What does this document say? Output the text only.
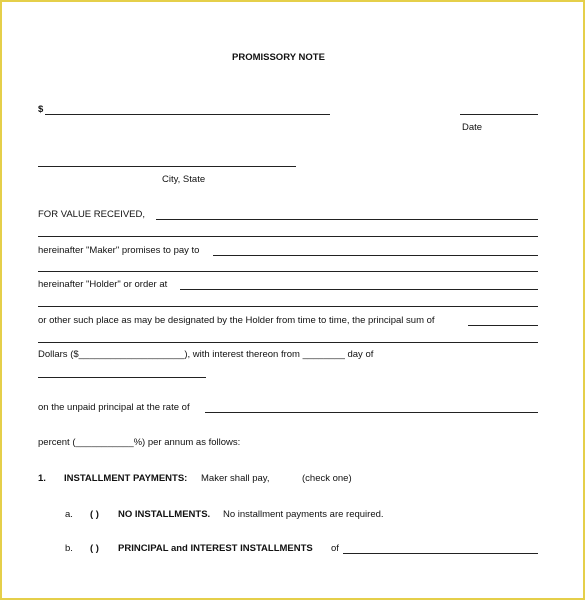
PROMISSORY NOTE
$
Date
City, State
FOR VALUE RECEIVED,
hereinafter "Maker" promises to pay to
hereinafter "Holder" or order at
or other such place as may be designated by the Holder from time to time, the principal sum of
Dollars ($____________________), with interest thereon from ________ day of
on the unpaid principal at the rate of
percent (___________%) per annum as follows:
1. INSTALLMENT PAYMENTS: Maker shall pay,	(check one)
a. ( ) NO INSTALLMENTS. No installment payments are required.
b. ( ) PRINCIPAL and INTEREST INSTALLMENTS of
